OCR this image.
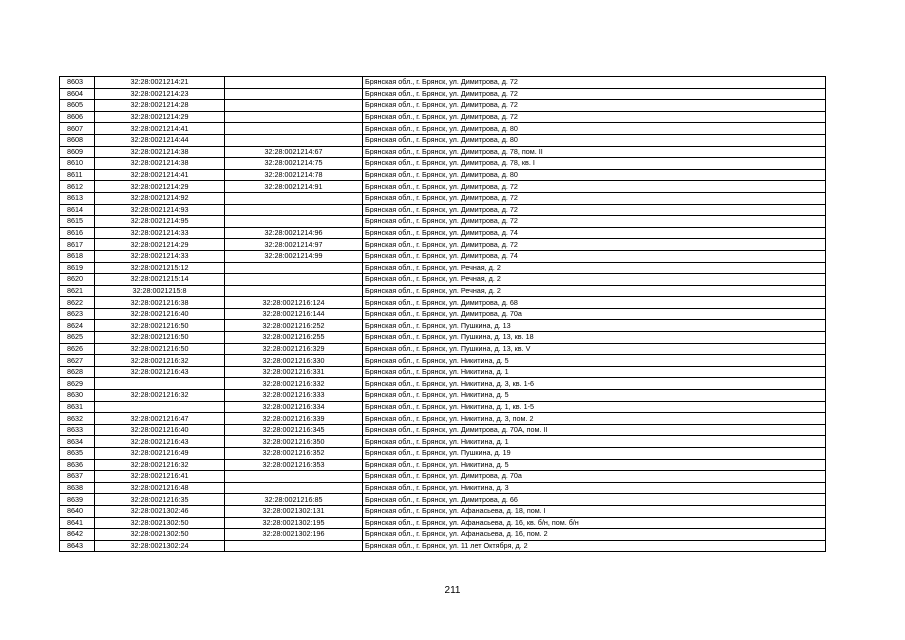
8603	32:28:0021214:21		Брянская обл., г. Брянск, ул. Димитрова, д. 72
8604	32:28:0021214:23		Брянская обл., г. Брянск, ул. Димитрова, д. 72
8605	32:28:0021214:28		Брянская обл., г. Брянск, ул. Димитрова, д. 72
8606	32:28:0021214:29		Брянская обл., г. Брянск, ул. Димитрова, д. 72
8607	32:28:0021214:41		Брянская обл., г. Брянск, ул. Димитрова, д. 80
8608	32:28:0021214:44		Брянская обл., г. Брянск, ул. Димитрова, д. 80
8609	32:28:0021214:38	32:28:0021214:67	Брянская обл., г. Брянск, ул. Димитрова, д. 78, пом. II
8610	32:28:0021214:38	32:28:0021214:75	Брянская обл., г. Брянск, ул. Димитрова, д. 78, кв. I
8611	32:28:0021214:41	32:28:0021214:78	Брянская обл., г. Брянск, ул. Димитрова, д. 80
8612	32:28:0021214:29	32:28:0021214:91	Брянская обл., г. Брянск, ул. Димитрова, д. 72
8613	32:28:0021214:92		Брянская обл., г. Брянск, ул. Димитрова, д. 72
8614	32:28:0021214:93		Брянская обл., г. Брянск, ул. Димитрова, д. 72
8615	32:28:0021214:95		Брянская обл., г. Брянск, ул. Димитрова, д. 72
8616	32:28:0021214:33	32:28:0021214:96	Брянская обл., г. Брянск, ул. Димитрова, д. 74
8617	32:28:0021214:29	32:28:0021214:97	Брянская обл., г. Брянск, ул. Димитрова, д. 72
8618	32:28:0021214:33	32:28:0021214:99	Брянская обл., г. Брянск, ул. Димитрова, д. 74
8619	32:28:0021215:12		Брянская обл., г. Брянск, ул. Речная, д. 2
8620	32:28:0021215:14		Брянская обл., г. Брянск, ул. Речная, д. 2
8621	32:28:0021215:8		Брянская обл., г. Брянск, ул. Речная, д. 2
8622	32:28:0021216:38	32:28:0021216:124	Брянская обл., г. Брянск, ул. Димитрова, д. 68
8623	32:28:0021216:40	32:28:0021216:144	Брянская обл., г. Брянск, ул. Димитрова, д. 70а
8624	32:28:0021216:50	32:28:0021216:252	Брянская обл., г. Брянск, ул. Пушкина, д. 13
8625	32:28:0021216:50	32:28:0021216:255	Брянская обл., г. Брянск, ул. Пушкина, д. 13, кв. 18
8626	32:28:0021216:50	32:28:0021216:329	Брянская обл., г. Брянск, ул. Пушкина, д. 13, кв. V
8627	32:28:0021216:32	32:28:0021216:330	Брянская обл., г. Брянск, ул. Никитина, д. 5
8628	32:28:0021216:43	32:28:0021216:331	Брянская обл., г. Брянск, ул. Никитина, д. 1
8629		32:28:0021216:332	Брянская обл., г. Брянск, ул. Никитина, д. 3, кв. 1-6
8630	32:28:0021216:32	32:28:0021216:333	Брянская обл., г. Брянск, ул. Никитина, д. 5
8631		32:28:0021216:334	Брянская обл., г. Брянск, ул. Никитина, д. 1, кв. 1-5
8632	32:28:0021216:47	32:28:0021216:339	Брянская обл., г. Брянск, ул. Никитина, д. 3, пом. 2
8633	32:28:0021216:40	32:28:0021216:345	Брянская обл., г. Брянск, ул. Димитрова, д. 70А, пом. II
8634	32:28:0021216:43	32:28:0021216:350	Брянская обл., г. Брянск, ул. Никитина, д. 1
8635	32:28:0021216:49	32:28:0021216:352	Брянская обл., г. Брянск, ул. Пушкина, д. 19
8636	32:28:0021216:32	32:28:0021216:353	Брянская обл., г. Брянск, ул. Никитина, д. 5
8637	32:28:0021216:41		Брянская обл., г. Брянск, ул. Димитрова, д. 70а
8638	32:28:0021216:48		Брянская обл., г. Брянск, ул. Никитина, д. 3
8639	32:28:0021216:35	32:28:0021216:85	Брянская обл., г. Брянск, ул. Димитрова, д. 66
8640	32:28:0021302:46	32:28:0021302:131	Брянская обл., г. Брянск, ул. Афанасьева, д. 18, пом. I
8641	32:28:0021302:50	32:28:0021302:195	Брянская обл., г. Брянск, ул. Афанасьева, д. 16, кв. б/н, пом. б/н
8642	32:28:0021302:50	32:28:0021302:196	Брянская обл., г. Брянск, ул. Афанасьева, д. 16, пом. 2
8643	32:28:0021302:24		Брянская обл., г. Брянск, ул. 11 лет Октября, д. 2
211
